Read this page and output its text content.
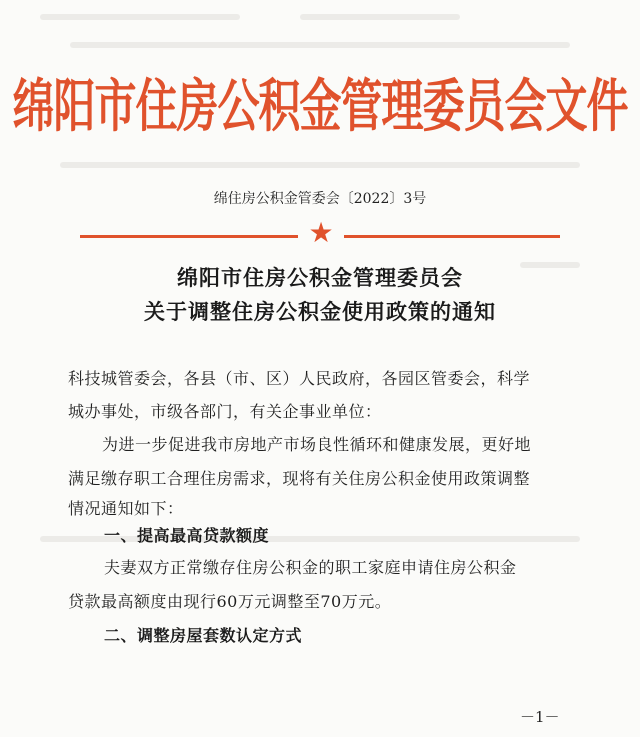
绵阳市住房公积金管理委员会文件
绵住房公积金管委会〔2022〕3号
★
绵阳市住房公积金管理委员会
关于调整住房公积金使用政策的通知
科技城管委会，各县（市、区）人民政府，各园区管委会，科学
城办事处，市级各部门，有关企事业单位：
为进一步促进我市房地产市场良性循环和健康发展，更好地
满足缴存职工合理住房需求，现将有关住房公积金使用政策调整
情况通知如下：
一、提高最高贷款额度
夫妻双方正常缴存住房公积金的职工家庭申请住房公积金
贷款最高额度由现行60万元调整至70万元。
二、调整房屋套数认定方式
－1－
